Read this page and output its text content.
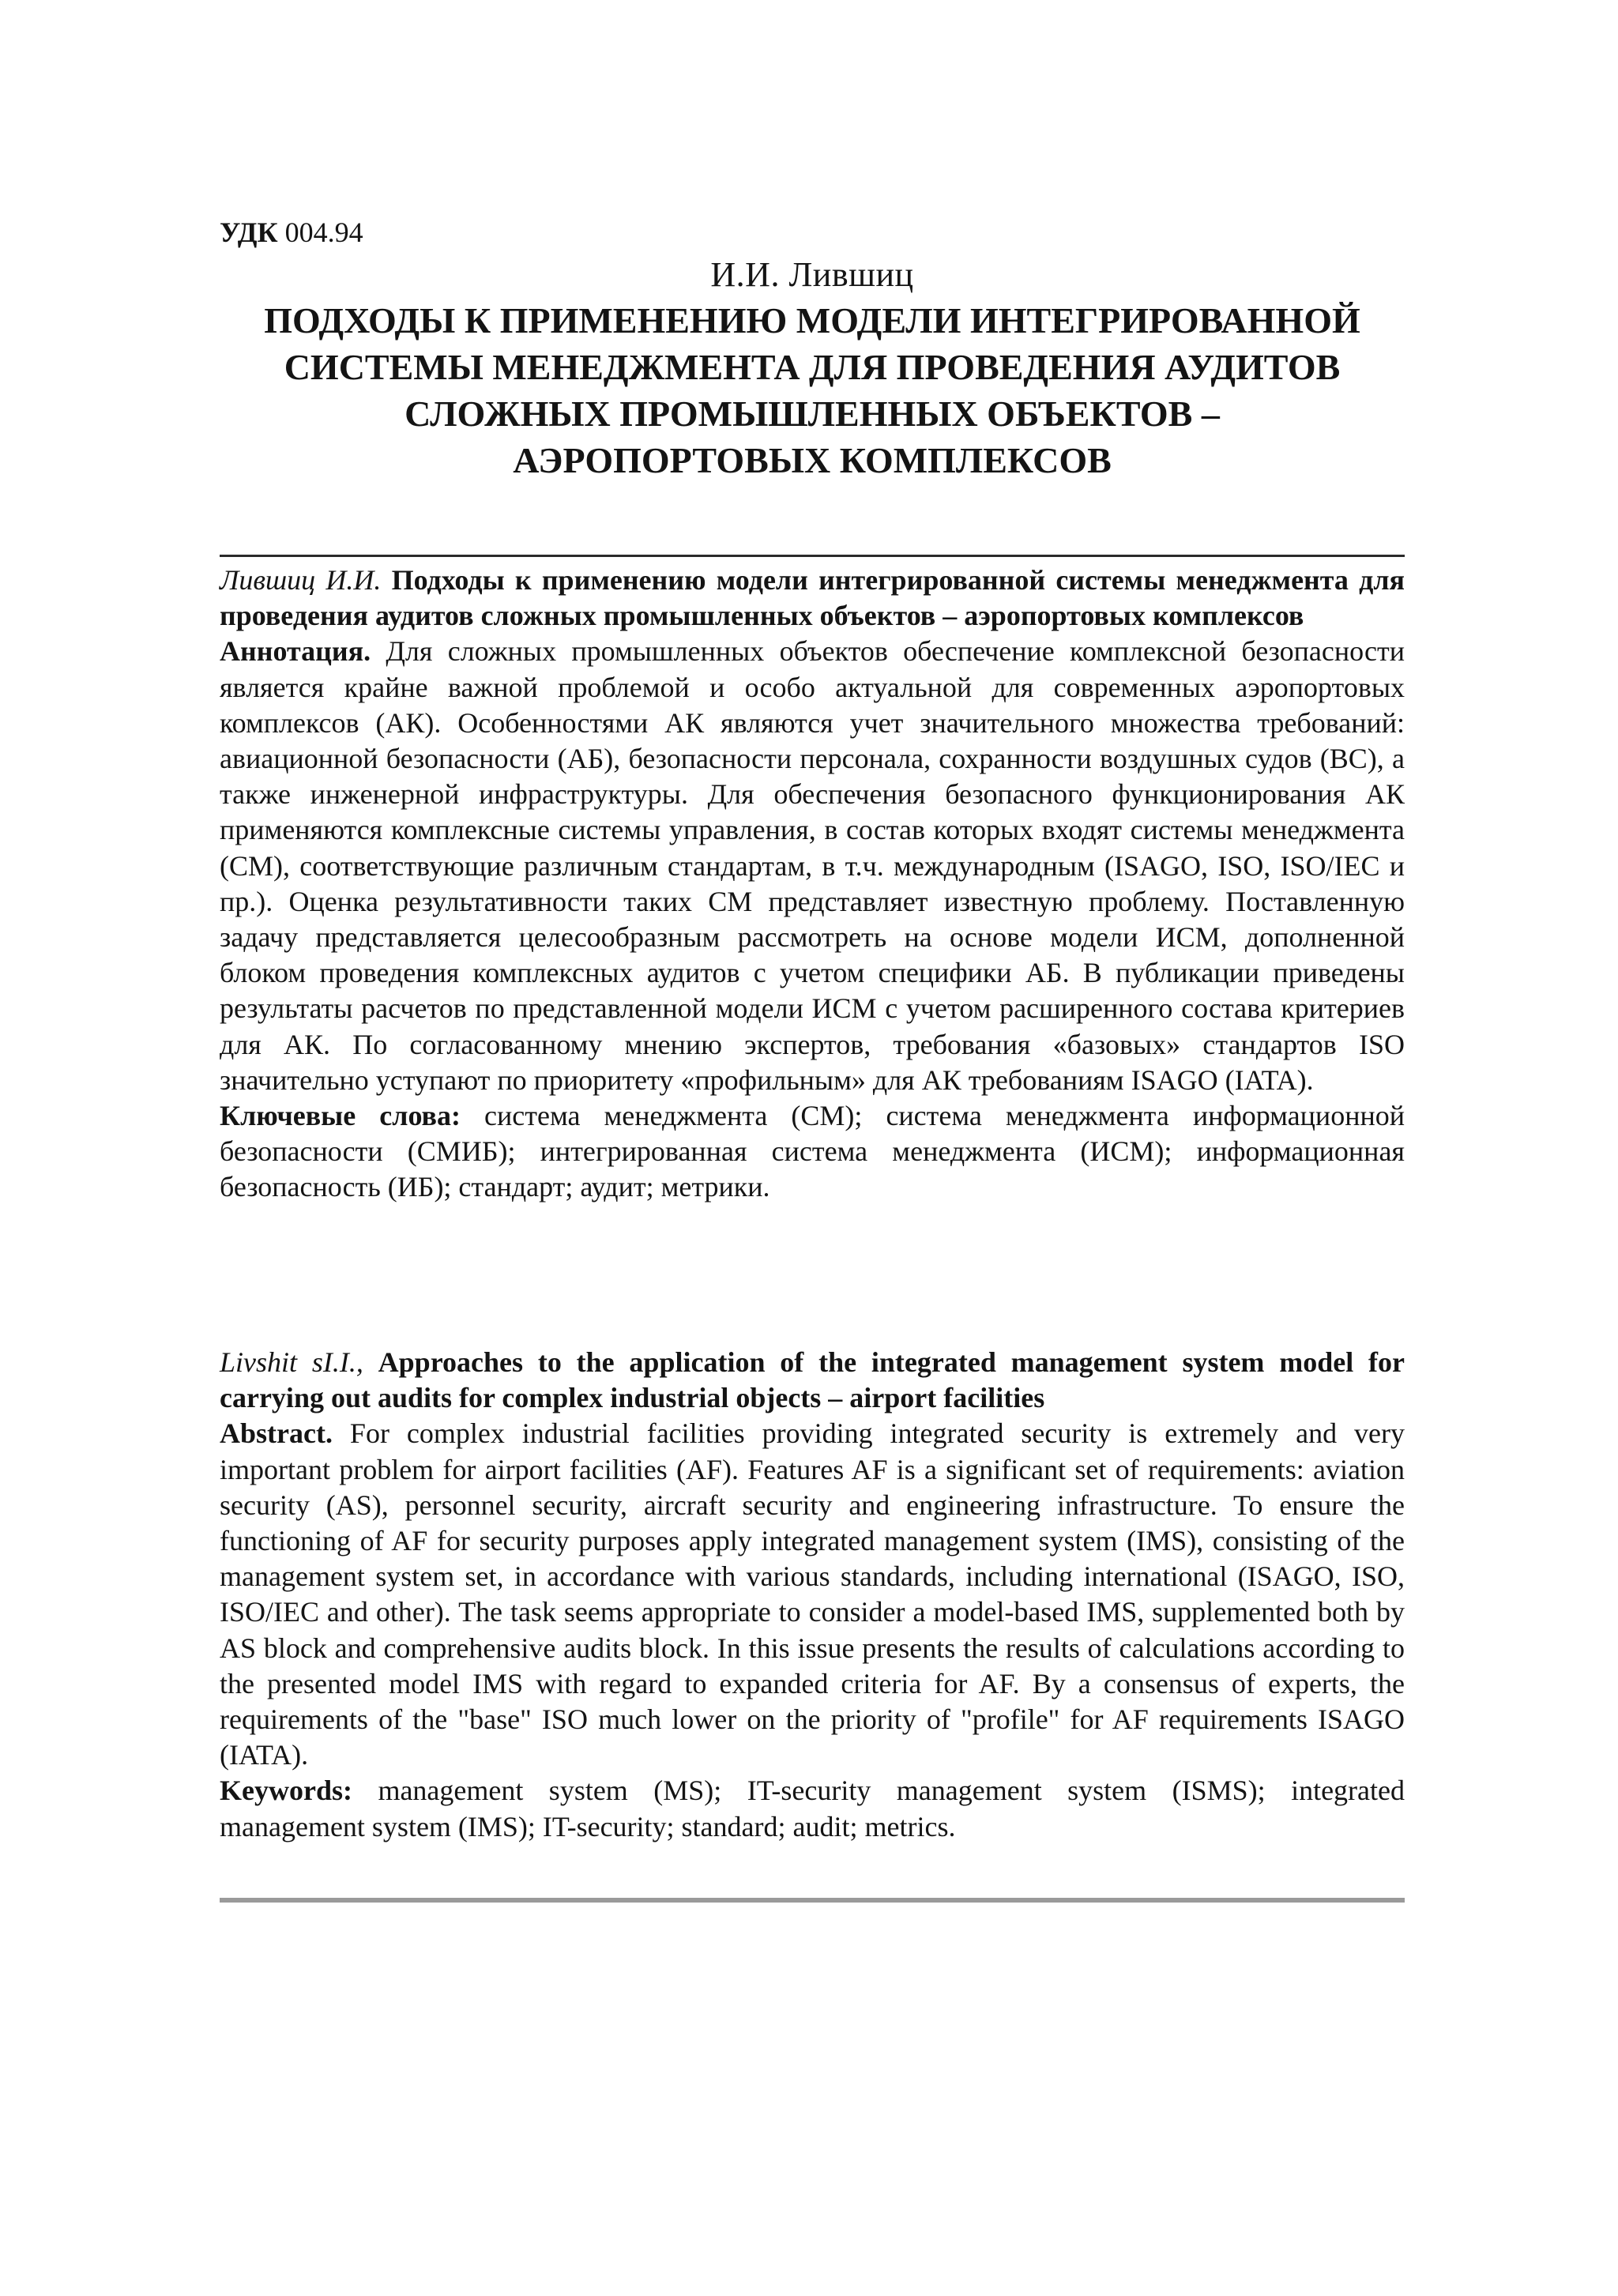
УДК 004.94
И.И. Лившиц
ПОДХОДЫ К ПРИМЕНЕНИЮ МОДЕЛИ ИНТЕГРИРОВАННОЙ
СИСТЕМЫ МЕНЕДЖМЕНТА ДЛЯ ПРОВЕДЕНИЯ АУДИТОВ
СЛОЖНЫХ ПРОМЫШЛЕННЫХ ОБЪЕКТОВ –
АЭРОПОРТОВЫХ КОМПЛЕКСОВ

Лившиц И.И. Подходы к применению модели интегрированной системы менеджмента для проведения аудитов сложных промышленных объектов – аэропортовых комплексов

Аннотация. Для сложных промышленных объектов обеспечение комплексной безопасности является крайне важной проблемой и особо актуальной для современных аэропортовых комплексов (АК). Особенностями АК являются учет значительного множества требований: авиационной безопасности (АБ), безопасности персонала, сохранности воздушных судов (ВС), а также инженерной инфраструктуры. Для обеспечения безопасного функционирования АК применяются комплексные системы управления, в состав которых входят системы менеджмента (СМ), соответствующие различным стандартам, в т.ч. международным (ISAGO, ISO, ISO/IEC и пр.). Оценка результативности таких СМ представляет известную проблему. Поставленную задачу представляется целесообразным рассмотреть на основе модели ИСМ, дополненной блоком проведения комплексных аудитов с учетом специфики АБ. В публикации приведены результаты расчетов по представленной модели ИСМ с учетом расширенного состава критериев для АК. По согласованному мнению экспертов, требования «базовых» стандартов ISO значительно уступают по приоритету «профильным» для АК требованиям ISAGO (IATA).

Ключевые слова: система менеджмента (СМ); система менеджмента информационной безопасности (СМИБ); интегрированная система менеджмента (ИСМ); информационная безопасность (ИБ); стандарт; аудит; метрики.

Livshit sI.I., Approaches to the application of the integrated management system model for carrying out audits for complex industrial objects – airport facilities

Abstract. For complex industrial facilities providing integrated security is extremely and very important problem for airport facilities (AF). Features AF is a significant set of requirements: aviation security (AS), personnel security, aircraft security and engineering infrastructure. To ensure the functioning of AF for security purposes apply integrated management system (IMS), consisting of the management system set, in accordance with various standards, including international (ISAGO, ISO, ISO/IEC and other). The task seems appropriate to consider a model-based IMS, supplemented both by AS block and comprehensive audits block. In this issue presents the results of calculations according to the presented model IMS with regard to expanded criteria for AF. By a consensus of experts, the requirements of the "base" ISO much lower on the priority of "profile" for AF requirements ISAGO (IATA).

Keywords: management system (MS); IT-security management system (ISMS); integrated management system (IMS); IT-security; standard; audit; metrics.
